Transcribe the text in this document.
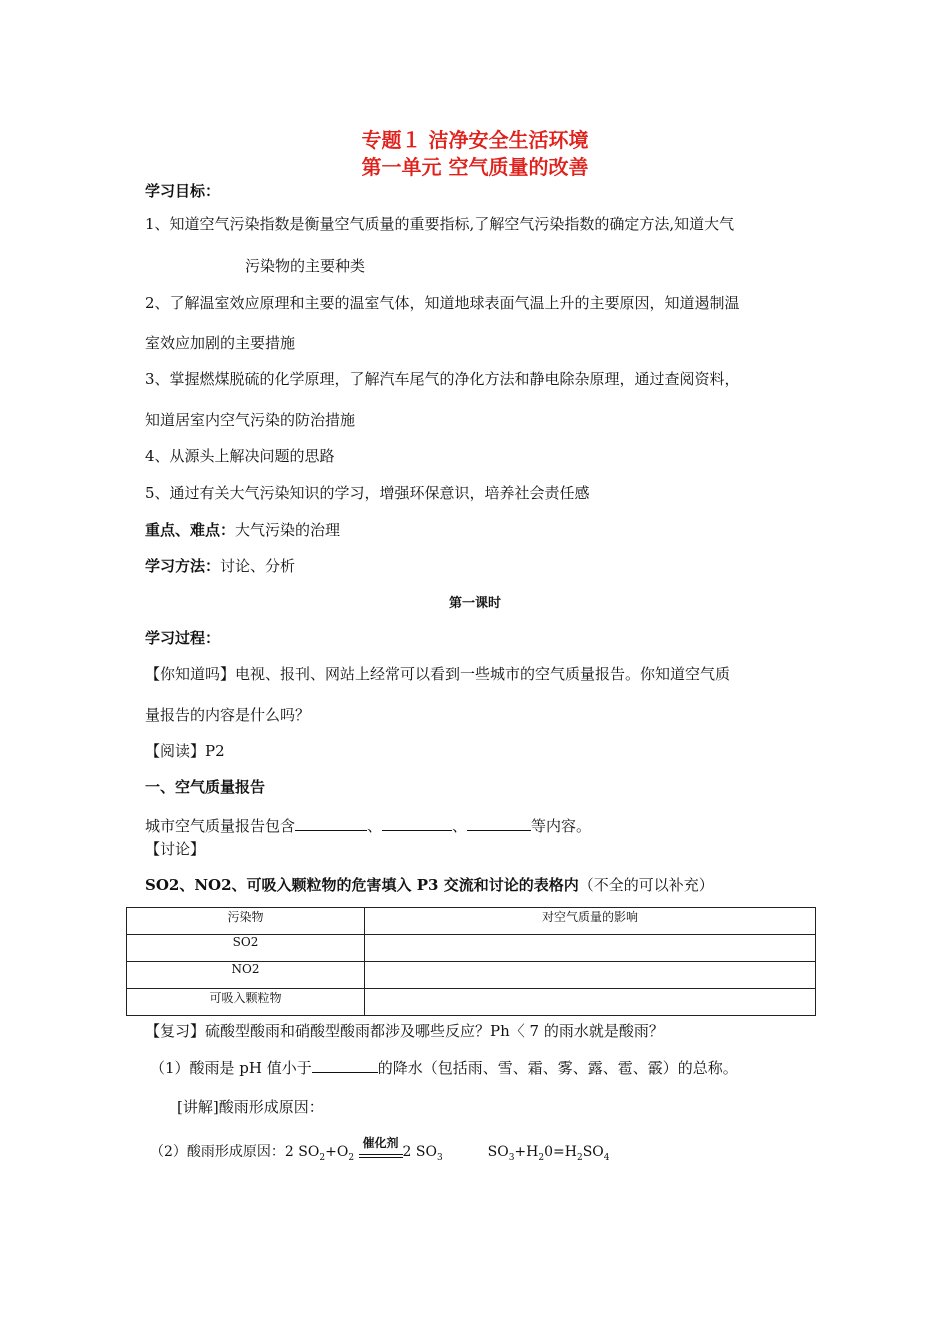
专题１ 洁净安全生活环境
第一单元 空气质量的改善
学习目标：
1、知道空气污染指数是衡量空气质量的重要指标,了解空气污染指数的确定方法,知道大气
污染物的主要种类
2、了解温室效应原理和主要的温室气体，知道地球表面气温上升的主要原因，知道遏制温
室效应加剧的主要措施
3、掌握燃煤脱硫的化学原理，了解汽车尾气的净化方法和静电除杂原理，通过查阅资料，
知道居室内空气污染的防治措施
4、从源头上解决问题的思路
5、通过有关大气污染知识的学习，增强环保意识，培养社会责任感
重点、难点：大气污染的治理
学习方法：讨论、分析
第一课时
学习过程：
【你知道吗】电视、报刊、网站上经常可以看到一些城市的空气质量报告。你知道空气质
量报告的内容是什么吗？
【阅读】P2
一、空气质量报告
城市空气质量报告包含	、	、	等内容。
【讨论】
SO2、NO2、可吸入颗粒物的危害填入 P3 交流和讨论的表格内（不全的可以补充）
污染物	对空气质量的影响
SO2	
NO2	
可吸入颗粒物	
【复习】硫酸型酸雨和硝酸型酸雨都涉及哪些反应？Ph〈 7 的雨水就是酸雨？
（1）酸雨是 pH 值小于	的降水（包括雨、雪、霜、雾、露、雹、霰）的总称。
[讲解]酸雨形成原因：
（2）酸雨形成原因：2 $SO_2+O_2$
催化剂
2 $SO_3$	$SO_3+H_20=H_2SO_4$
